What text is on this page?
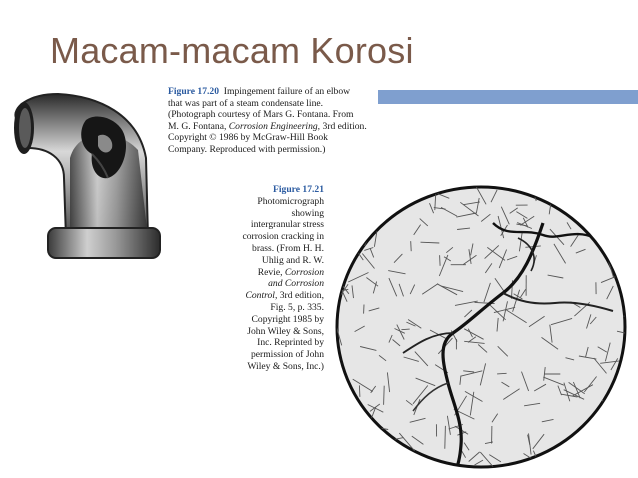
Macam-macam Korosi
Figure 17.20 Impingement failure of an elbow
that was part of a steam condensate line.
(Photograph courtesy of Mars G. Fontana. From
M. G. Fontana, Corrosion Engineering, 3rd edition.
Copyright © 1986 by McGraw-Hill Book
Company. Reproduced with permission.)
Figure 17.21
Photomicrograph
showing
intergranular stress
corrosion cracking in
brass. (From H. H.
Uhlig and R. W.
Revie, Corrosion
and Corrosion
Control, 3rd edition,
Fig. 5, p. 335.
Copyright 1985 by
John Wiley & Sons,
Inc. Reprinted by
permission of John
Wiley & Sons, Inc.)
